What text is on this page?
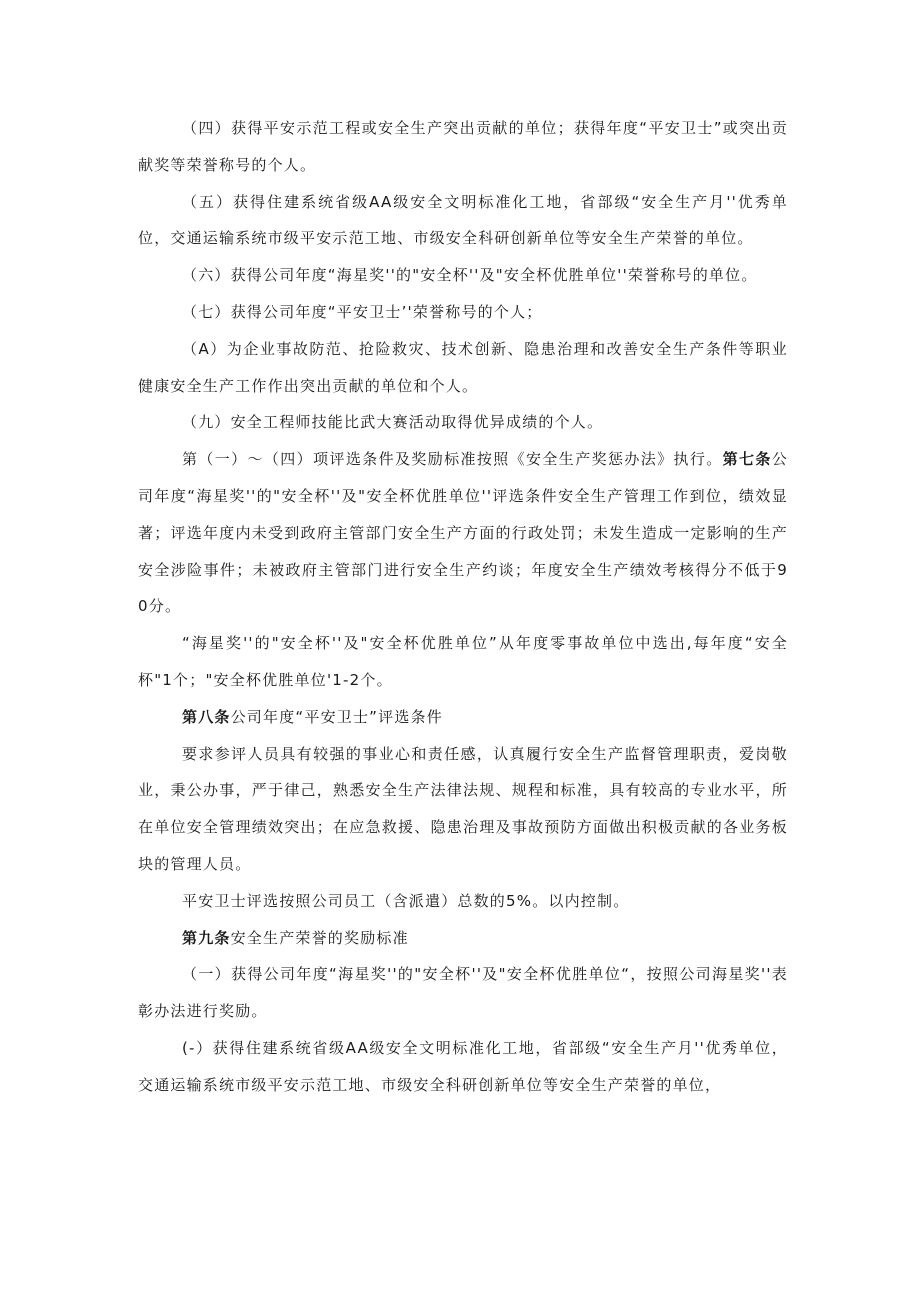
（四）获得平安示范工程或安全生产突出贡献的单位；获得年度“平安卫士”或突出贡献奖等荣誉称号的个人。

（五）获得住建系统省级AA级安全文明标准化工地，省部级“安全生产月''优秀单位，交通运输系统市级平安示范工地、市级安全科研创新单位等安全生产荣誉的单位。

（六）获得公司年度“海星奖''的"安全杯''及"安全杯优胜单位''荣誉称号的单位。

（七）获得公司年度“平安卫士’'荣誉称号的个人；

（A）为企业事故防范、抢险救灾、技术创新、隐患治理和改善安全生产条件等职业健康安全生产工作作出突出贡献的单位和个人。

（九）安全工程师技能比武大赛活动取得优异成绩的个人。

第（一）～（四）项评选条件及奖励标准按照《安全生产奖惩办法》执行。第七条公司年度“海星奖''的"安全杯''及"安全杯优胜单位''评选条件安全生产管理工作到位，绩效显著；评选年度内未受到政府主管部门安全生产方面的行政处罚；未发生造成一定影响的生产安全涉险事件；未被政府主管部门进行安全生产约谈；年度安全生产绩效考核得分不低于90分。

“海星奖''的"安全杯''及"安全杯优胜单位”从年度零事故单位中选出,每年度“安全杯"1个；"安全杯优胜单位'1-2个。

第八条公司年度“平安卫士”评选条件

要求参评人员具有较强的事业心和责任感，认真履行安全生产监督管理职责，爱岗敬业，秉公办事，严于律己，熟悉安全生产法律法规、规程和标准，具有较高的专业水平，所在单位安全管理绩效突出；在应急救援、隐患治理及事故预防方面做出积极贡献的各业务板块的管理人员。

平安卫士评选按照公司员工（含派遣）总数的5%。以内控制。

第九条安全生产荣誉的奖励标准

（一）获得公司年度“海星奖''的"安全杯''及"安全杯优胜单位“，按照公司海星奖''表彰办法进行奖励。

(-）获得住建系统省级AA级安全文明标准化工地，省部级“安全生产月''优秀单位，交通运输系统市级平安示范工地、市级安全科研创新单位等安全生产荣誉的单位，
